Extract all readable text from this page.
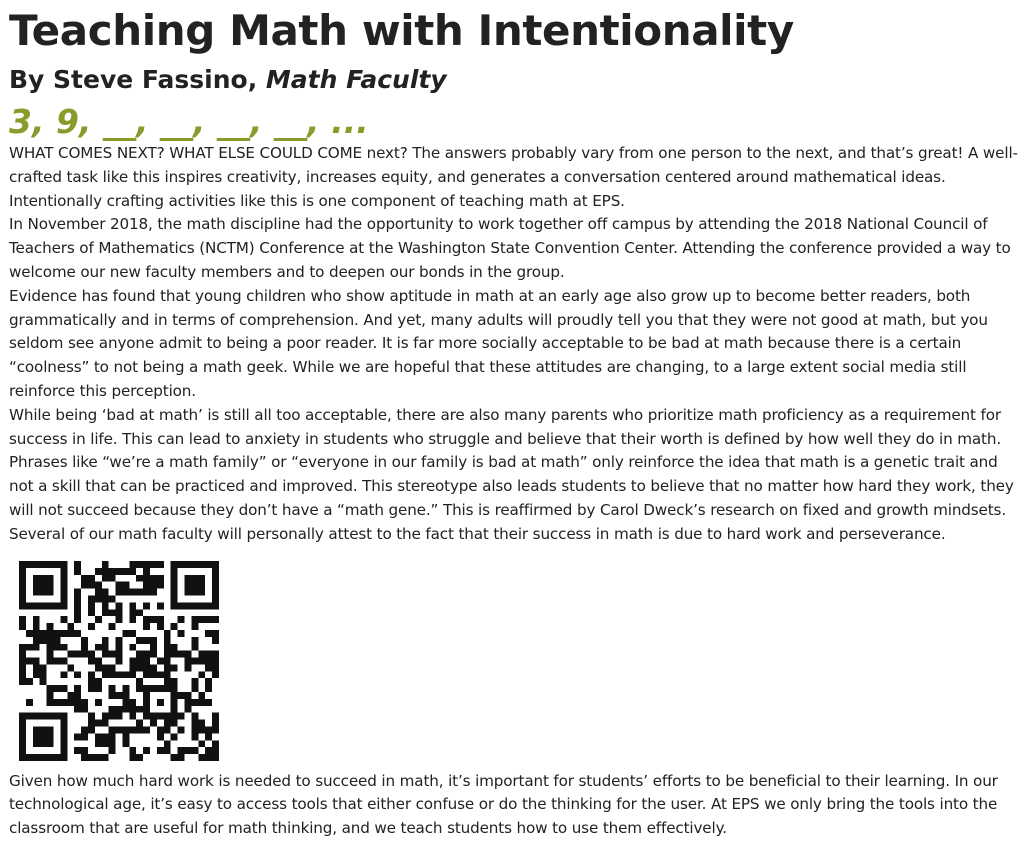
Teaching Math with Intentionality
By Steve Fassino, Math Faculty
3, 9, __, __, __, __, ...

WHAT COMES NEXT? WHAT ELSE COULD COME next? The answers probably vary from one person to the next, and that’s great! A well-crafted task like this inspires creativity, increases equity, and generates a conversation centered around mathematical ideas. Intentionally crafting activities like this is one component of teaching math at EPS.

In November 2018, the math discipline had the opportunity to work together off campus by attending the 2018 National Council of Teachers of Mathematics (NCTM) Conference at the Washington State Convention Center. Attending the conference provided a way to welcome our new faculty members and to deepen our bonds in the group.

Evidence has found that young children who show aptitude in math at an early age also grow up to become better readers, both grammatically and in terms of comprehension. And yet, many adults will proudly tell you that they were not good at math, but you seldom see anyone admit to being a poor reader. It is far more socially acceptable to be bad at math because there is a certain “coolness” to not being a math geek. While we are hopeful that these attitudes are changing, to a large extent social media still reinforce this perception.

While being ‘bad at math’ is still all too acceptable, there are also many parents who prioritize math proficiency as a requirement for success in life. This can lead to anxiety in students who struggle and believe that their worth is defined by how well they do in math. Phrases like “we’re a math family” or “everyone in our family is bad at math” only reinforce the idea that math is a genetic trait and not a skill that can be practiced and improved. This stereotype also leads students to believe that no matter how hard they work, they will not succeed because they don’t have a “math gene.” This is reaffirmed by Carol Dweck’s research on fixed and growth mindsets. Several of our math faculty will personally attest to the fact that their success in math is due to hard work and perseverance.

Given how much hard work is needed to succeed in math, it’s important for students’ efforts to be beneficial to their learning. In our technological age, it’s easy to access tools that either confuse or do the thinking for the user. At EPS we only bring the tools into the classroom that are useful for math thinking, and we teach students how to use them effectively.
